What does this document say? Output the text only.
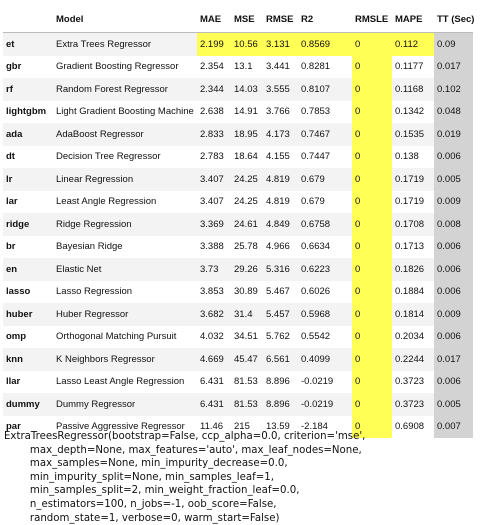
	Model	MAE	MSE	RMSE	R2	RMSLE	MAPE	TT (Sec)
et	Extra Trees Regressor	2.199	10.56	3.131	0.8569	0	0.112	0.09
gbr	Gradient Boosting Regressor	2.354	13.1	3.441	0.8281	0	0.1177	0.017
rf	Random Forest Regressor	2.344	14.03	3.555	0.8107	0	0.1168	0.102
lightgbm	Light Gradient Boosting Machine	2.638	14.91	3.766	0.7853	0	0.1342	0.048
ada	AdaBoost Regressor	2.833	18.95	4.173	0.7467	0	0.1535	0.019
dt	Decision Tree Regressor	2.783	18.64	4.155	0.7447	0	0.138	0.006
lr	Linear Regression	3.407	24.25	4.819	0.679	0	0.1719	0.005
lar	Least Angle Regression	3.407	24.25	4.819	0.679	0	0.1719	0.009
ridge	Ridge Regression	3.369	24.61	4.849	0.6758	0	0.1708	0.008
br	Bayesian Ridge	3.388	25.78	4.966	0.6634	0	0.1713	0.006
en	Elastic Net	3.73	29.26	5.316	0.6223	0	0.1826	0.006
lasso	Lasso Regression	3.853	30.89	5.467	0.6026	0	0.1884	0.006
huber	Huber Regressor	3.682	31.4	5.457	0.5968	0	0.1814	0.009
omp	Orthogonal Matching Pursuit	4.032	34.51	5.762	0.5542	0	0.2034	0.006
knn	K Neighbors Regressor	4.669	45.47	6.561	0.4099	0	0.2244	0.017
llar	Lasso Least Angle Regression	6.431	81.53	8.896	-0.0219	0	0.3723	0.006
dummy	Dummy Regressor	6.431	81.53	8.896	-0.0219	0	0.3723	0.005
par	Passive Aggressive Regressor	11.46	215	13.59	-2.184	0	0.6908	0.007
ExtraTreesRegressor(bootstrap=False, ccp_alpha=0.0, criterion='mse',
max_depth=None, max_features='auto', max_leaf_nodes=None,
max_samples=None, min_impurity_decrease=0.0,
min_impurity_split=None, min_samples_leaf=1,
min_samples_split=2, min_weight_fraction_leaf=0.0,
n_estimators=100, n_jobs=-1, oob_score=False,
random_state=1, verbose=0, warm_start=False)
